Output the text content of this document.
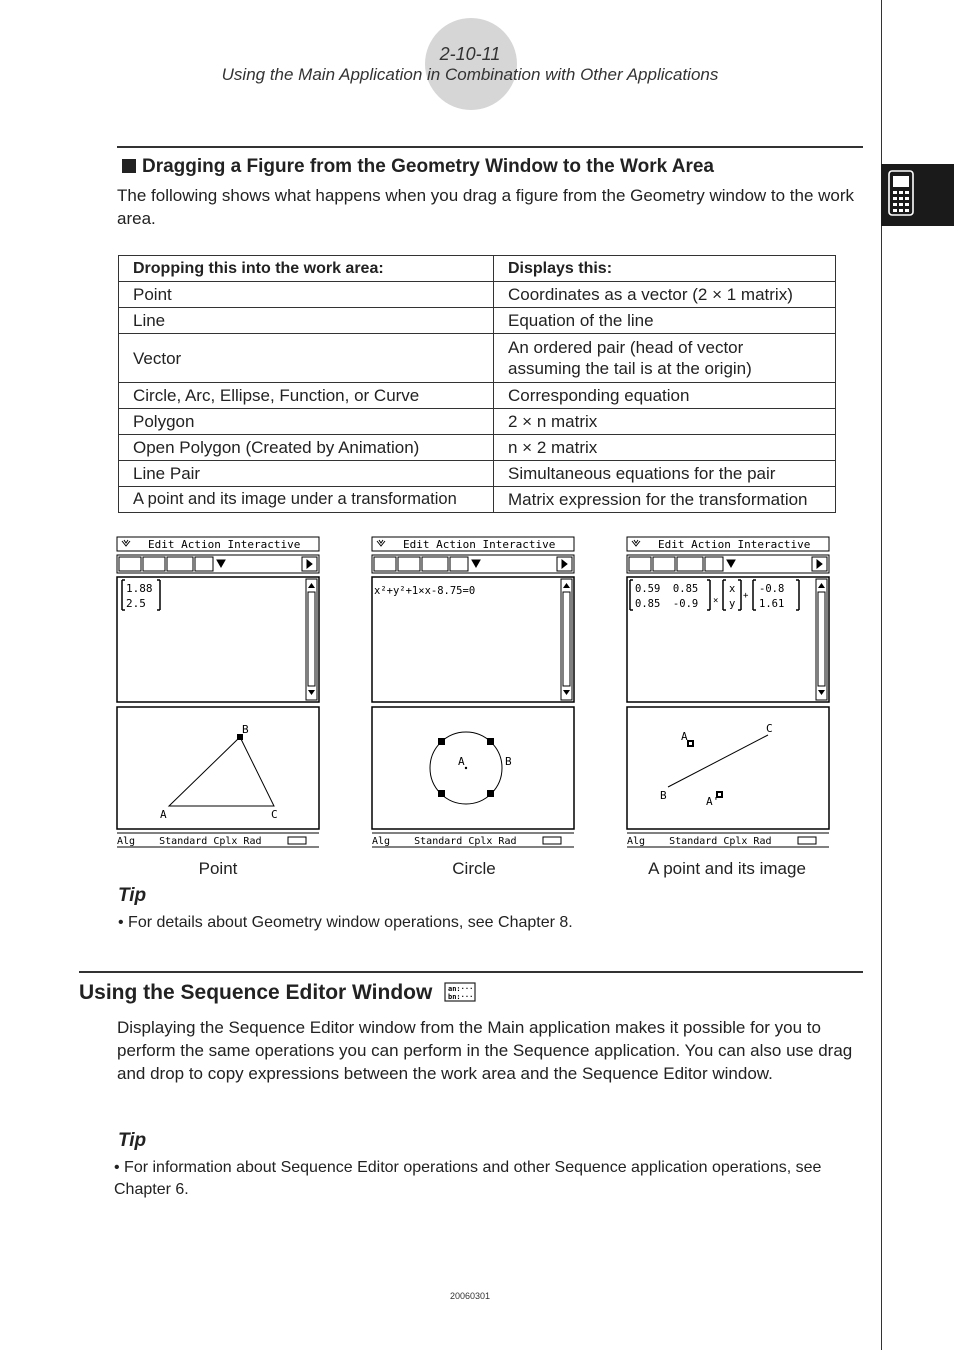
2-10-11
Using the Main Application in Combination with Other Applications
Dragging a Figure from the Geometry Window to the Work Area
The following shows what happens when you drag a figure from the Geometry window to the work area.
Dropping this into the work area:	Displays this:
Point	Coordinates as a vector (2 × 1 matrix)
Line	Equation of the line
Vector	An ordered pair (head of vector assuming the tail is at the origin)
Circle, Arc, Ellipse, Function, or Curve	Corresponding equation
Polygon	2 × n matrix
Open Polygon (Created by Animation)	n × 2 matrix
Line Pair	Simultaneous equations for the pair
A point and its image under a transformation	Matrix expression for the transformation
Edit Action Interactive
1.88
2.5
A
B
C
Alg    Standard Cplx Rad
Point
Edit Action Interactive
x²+y²+1×x-8.75=0
A	B
Alg    Standard Cplx Rad
Circle
Edit Action Interactive
0.59  0.85
0.85  -0.9 ×
x
y
+
-0.8
1.61
A
C
B	A'
Alg    Standard Cplx Rad
A point and its image
Tip
• For details about Geometry window operations, see Chapter 8.
Using the Sequence Editor Window an:···
bn:···
Displaying the Sequence Editor window from the Main application makes it possible for you to perform the same operations you can perform in the Sequence application. You can also use drag and drop to copy expressions between the work area and the Sequence Editor window.
Tip
• For information about Sequence Editor operations and other Sequence application operations, see Chapter 6.
20060301
